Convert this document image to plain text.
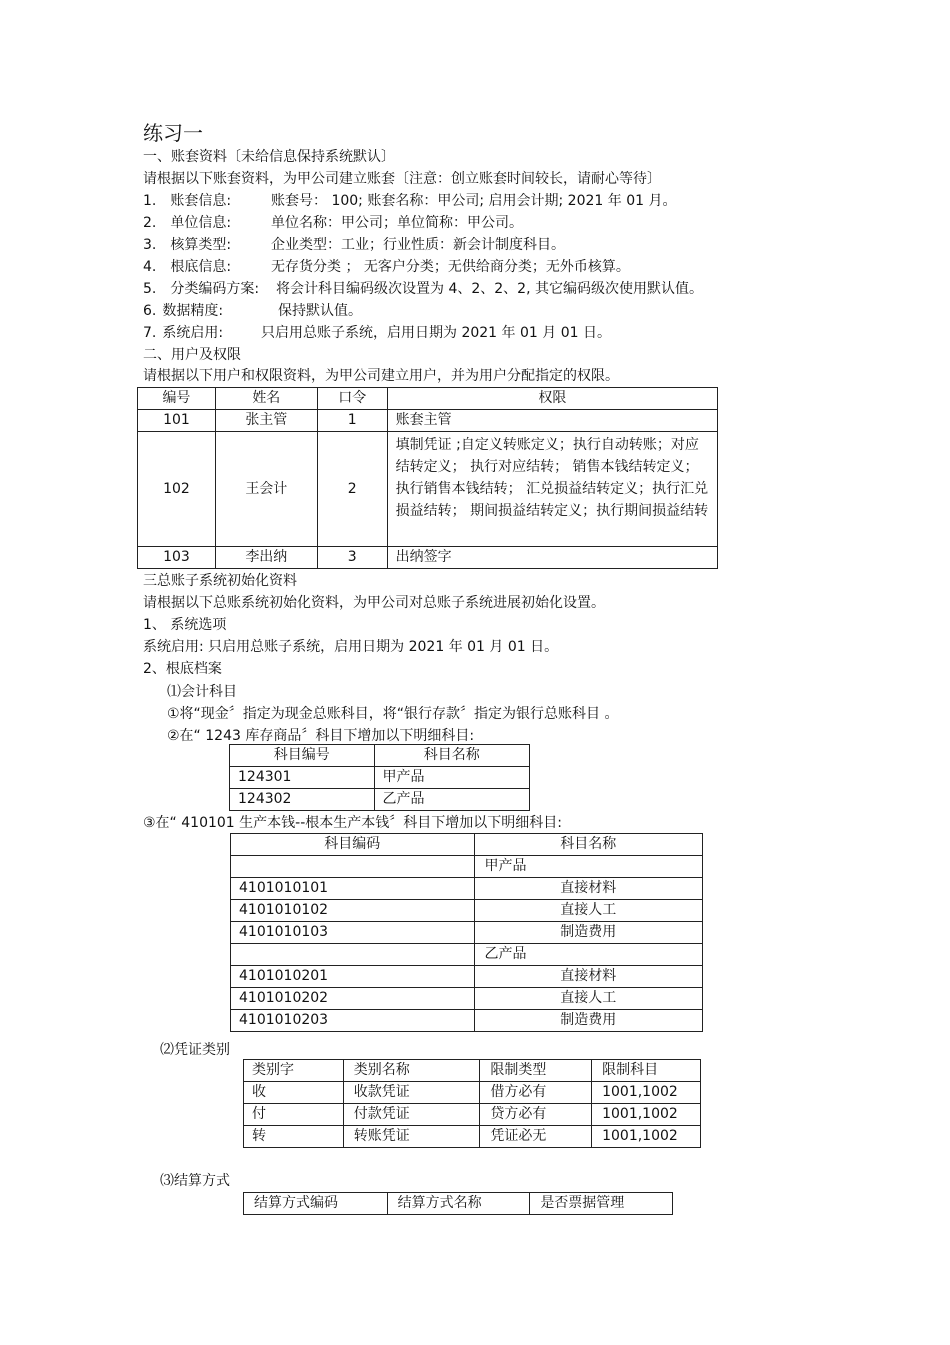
练习一
一、账套资料〔未给信息保持系统默认〕
请根据以下账套资料，为甲公司建立账套〔注意：创立账套时间较长，请耐心等待〕
1. 账套信息:	账套号： 100; 账套名称：甲公司; 启用会计期; 2021 年 01 月。
2. 单位信息:	单位名称：甲公司；单位简称：甲公司。
3. 核算类型:	企业类型：工业；行业性质：新会计制度科目。
4. 根底信息:	无存货分类 ； 无客户分类；无供给商分类；无外币核算。
5. 分类编码方案: 将会计科目编码级次设置为 4、2、2、2, 其它编码级次使用默认值。
6. 数据精度:	保持默认值。
7. 系统启用:	只启用总账子系统，启用日期为 2021 年 01 月 01 日。
二、用户及权限
请根据以下用户和权限资料，为甲公司建立用户，并为用户分配指定的权限。
编号	姓名	口令	权限
101	张主管	1	账套主管
102	王会计	2	填制凭证 ;自定义转账定义；执行自动转账；对应结转定义； 执行对应结转； 销售本钱结转定义；执行销售本钱结转； 汇兑损益结转定义；执行汇兑损益结转； 期间损益结转定义；执行期间损益结转
103	李出纳	3	出纳签字
三总账子系统初始化资料
请根据以下总账系统初始化资料，为甲公司对总账子系统进展初始化设置。
1、 系统选项
系统启用: 只启用总账子系统，启用日期为 2021 年 01 月 01 日。
2、根底档案
⑴会计科目
①将“现金〞指定为现金总账科目，将“银行存款〞指定为银行总账科目 。
②在“ 1243 库存商品〞科目下增加以下明细科目:
科目编号	科目名称
124301	甲产品
124302	乙产品
③在“ 410101 生产本钱--根本生产本钱〞科目下增加以下明细科目:
科目编码	科目名称
	甲产品
4101010101	直接材料
4101010102	直接人工
4101010103	制造费用
	乙产品
4101010201	直接材料
4101010202	直接人工
4101010203	制造费用
⑵凭证类别
类别字	类别名称	限制类型	限制科目
收	收款凭证	借方必有	1001,1002
付	付款凭证	贷方必有	1001,1002
转	转账凭证	凭证必无	1001,1002
⑶结算方式
结算方式编码	结算方式名称	是否票据管理
